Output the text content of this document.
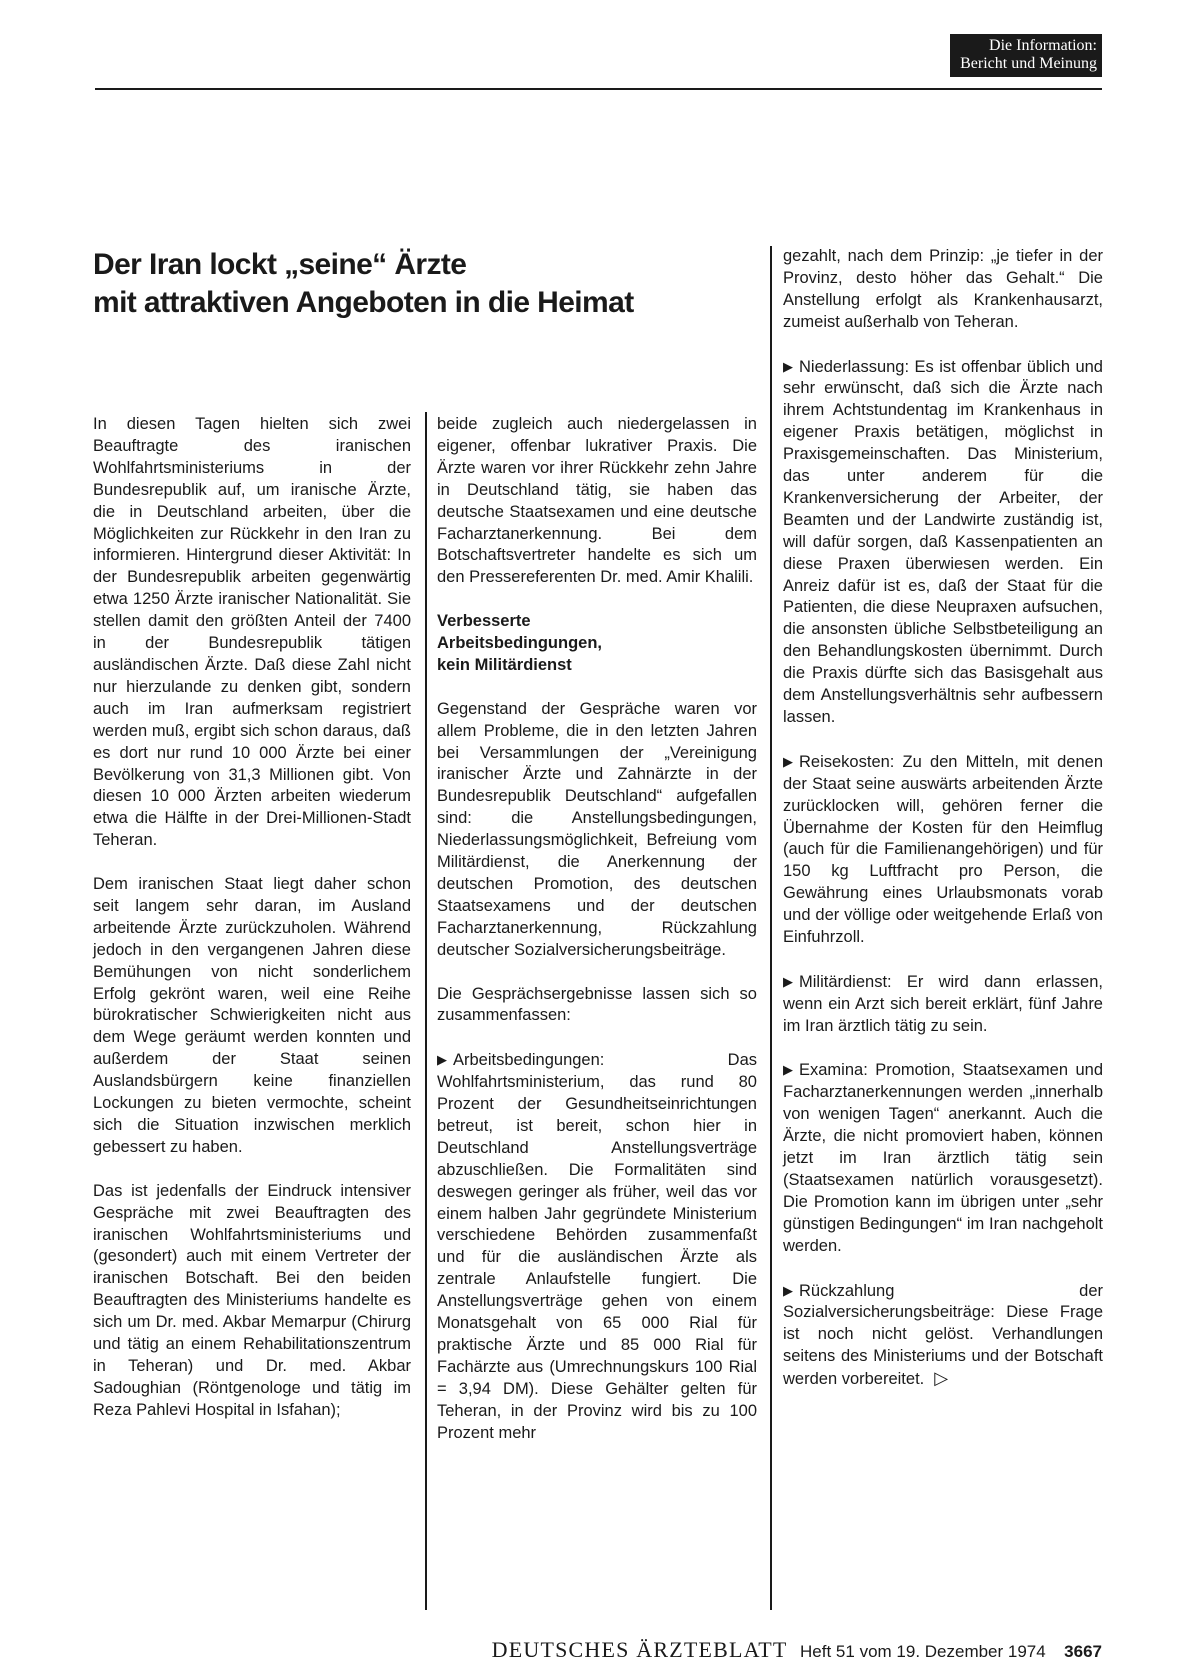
Die Information:
Bericht und Meinung
Der Iran lockt „seine“ Ärzte
mit attraktiven Angeboten in die Heimat

In diesen Tagen hielten sich zwei Beauftragte des iranischen Wohlfahrtsministeriums in der Bundesrepublik auf, um iranische Ärzte, die in Deutschland arbeiten, über die Möglichkeiten zur Rückkehr in den Iran zu informieren. Hintergrund dieser Aktivität: In der Bundesrepublik arbeiten gegenwärtig etwa 1250 Ärzte iranischer Nationalität. Sie stellen damit den größten Anteil der 7400 in der Bundesrepublik tätigen ausländischen Ärzte. Daß diese Zahl nicht nur hierzulande zu denken gibt, sondern auch im Iran aufmerksam registriert werden muß, ergibt sich schon daraus, daß es dort nur rund 10 000 Ärzte bei einer Bevölkerung von 31,3 Millionen gibt. Von diesen 10 000 Ärzten arbeiten wiederum etwa die Hälfte in der Drei-Millionen-Stadt Teheran.

Dem iranischen Staat liegt daher schon seit langem sehr daran, im Ausland arbeitende Ärzte zurückzuholen. Während jedoch in den vergangenen Jahren diese Bemühungen von nicht sonderlichem Erfolg gekrönt waren, weil eine Reihe bürokratischer Schwierigkeiten nicht aus dem Wege geräumt werden konnten und außerdem der Staat seinen Auslandsbürgern keine finanziellen Lockungen zu bieten vermochte, scheint sich die Situation inzwischen merklich gebessert zu haben.

Das ist jedenfalls der Eindruck intensiver Gespräche mit zwei Beauftragten des iranischen Wohlfahrtsministeriums und (gesondert) auch mit einem Vertreter der iranischen Botschaft. Bei den beiden Beauftragten des Ministeriums handelte es sich um Dr. med. Akbar Memarpur (Chirurg und tätig an einem Rehabilitationszentrum in Teheran) und Dr. med. Akbar Sadoughian (Röntgenologe und tätig im Reza Pahlevi Hospital in Isfahan);

beide zugleich auch niedergelassen in eigener, offenbar lukrativer Praxis. Die Ärzte waren vor ihrer Rückkehr zehn Jahre in Deutschland tätig, sie haben das deutsche Staatsexamen und eine deutsche Facharztanerkennung. Bei dem Botschaftsvertreter handelte es sich um den Pressereferenten Dr. med. Amir Khalili.

Verbesserte
Arbeitsbedingungen,
kein Militärdienst

Gegenstand der Gespräche waren vor allem Probleme, die in den letzten Jahren bei Versammlungen der „Vereinigung iranischer Ärzte und Zahnärzte in der Bundesrepublik Deutschland“ aufgefallen sind: die Anstellungsbedingungen, Niederlassungsmöglichkeit, Befreiung vom Militärdienst, die Anerkennung der deutschen Promotion, des deutschen Staatsexamens und der deutschen Facharztanerkennung, Rückzahlung deutscher Sozialversicherungsbeiträge.

Die Gesprächsergebnisse lassen sich so zusammenfassen:

▶ Arbeitsbedingungen: Das Wohlfahrtsministerium, das rund 80 Prozent der Gesundheitseinrichtungen betreut, ist bereit, schon hier in Deutschland Anstellungsverträge abzuschließen. Die Formalitäten sind deswegen geringer als früher, weil das vor einem halben Jahr gegründete Ministerium verschiedene Behörden zusammenfaßt und für die ausländischen Ärzte als zentrale Anlaufstelle fungiert. Die Anstellungsverträge gehen von einem Monatsgehalt von 65 000 Rial für praktische Ärzte und 85 000 Rial für Fachärzte aus (Umrechnungskurs 100 Rial = 3,94 DM). Diese Gehälter gelten für Teheran, in der Provinz wird bis zu 100 Prozent mehr

gezahlt, nach dem Prinzip: „je tiefer in der Provinz, desto höher das Gehalt.“ Die Anstellung erfolgt als Krankenhausarzt, zumeist außerhalb von Teheran.

▶ Niederlassung: Es ist offenbar üblich und sehr erwünscht, daß sich die Ärzte nach ihrem Achtstundentag im Krankenhaus in eigener Praxis betätigen, möglichst in Praxisgemeinschaften. Das Ministerium, das unter anderem für die Krankenversicherung der Arbeiter, der Beamten und der Landwirte zuständig ist, will dafür sorgen, daß Kassenpatienten an diese Praxen überwiesen werden. Ein Anreiz dafür ist es, daß der Staat für die Patienten, die diese Neupraxen aufsuchen, die ansonsten übliche Selbstbeteiligung an den Behandlungskosten übernimmt. Durch die Praxis dürfte sich das Basisgehalt aus dem Anstellungsverhältnis sehr aufbessern lassen.

▶ Reisekosten: Zu den Mitteln, mit denen der Staat seine auswärts arbeitenden Ärzte zurücklocken will, gehören ferner die Übernahme der Kosten für den Heimflug (auch für die Familienangehörigen) und für 150 kg Luftfracht pro Person, die Gewährung eines Urlaubsmonats vorab und der völlige oder weitgehende Erlaß von Einfuhrzoll.

▶ Militärdienst: Er wird dann erlassen, wenn ein Arzt sich bereit erklärt, fünf Jahre im Iran ärztlich tätig zu sein.

▶ Examina: Promotion, Staatsexamen und Facharztanerkennungen werden „innerhalb von wenigen Tagen“ anerkannt. Auch die Ärzte, die nicht promoviert haben, können jetzt im Iran ärztlich tätig sein (Staatsexamen natürlich vorausgesetzt). Die Promotion kann im übrigen unter „sehr günstigen Bedingungen“ im Iran nachgeholt werden.

▶ Rückzahlung der Sozialversicherungsbeiträge: Diese Frage ist noch nicht gelöst. Verhandlungen seitens des Ministeriums und der Botschaft werden vorbereitet. ▷

DEUTSCHES ÄRZTEBLATT Heft 51 vom 19. Dezember 1974 3667
